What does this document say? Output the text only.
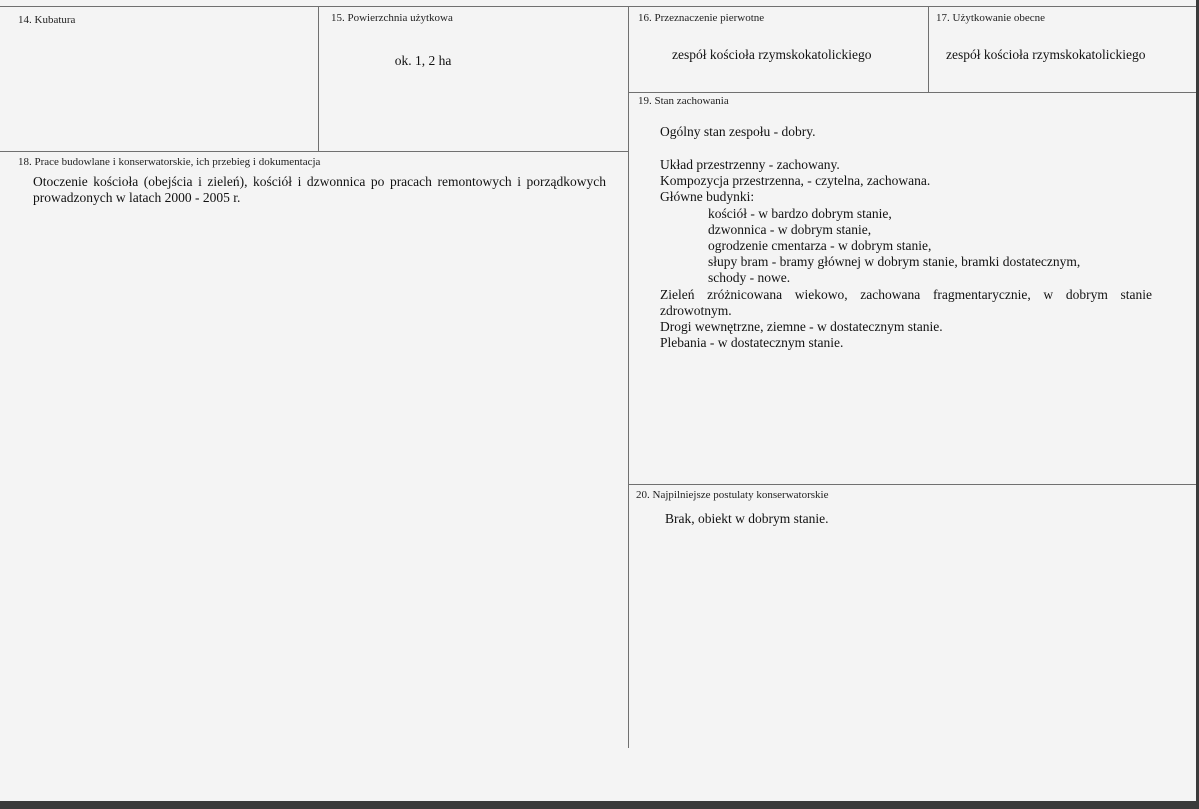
14. Kubatura	15. Powierzchnia użytkowa
ok. 1, 2 ha
16. Przeznaczenie pierwotne
zespół kościoła rzymskokatolickiego
17. Użytkowanie obecne
zespół kościoła rzymskokatolickiego
18. Prace budowlane i konserwatorskie, ich przebieg i dokumentacja
Otoczenie kościoła (obejścia i zieleń), kościół i dzwonnica po pracach remontowych i porządkowych prowadzonych w latach 2000 - 2005 r.
19. Stan zachowania
Ogólny stan zespołu - dobry.
Układ przestrzenny - zachowany.
Kompozycja przestrzenna, - czytelna, zachowana.
Główne budynki:
kościół - w bardzo dobrym stanie,
dzwonnica - w dobrym stanie,
ogrodzenie cmentarza - w dobrym stanie,
słupy bram - bramy głównej w dobrym stanie, bramki dostatecznym,
schody - nowe.
Zieleń zróżnicowana wiekowo, zachowana fragmentarycznie, w dobrym stanie zdrowotnym.
Drogi wewnętrzne, ziemne - w dostatecznym stanie.
Plebania - w dostatecznym stanie.
20. Najpilniejsze postulaty konserwatorskie
Brak, obiekt w dobrym stanie.
